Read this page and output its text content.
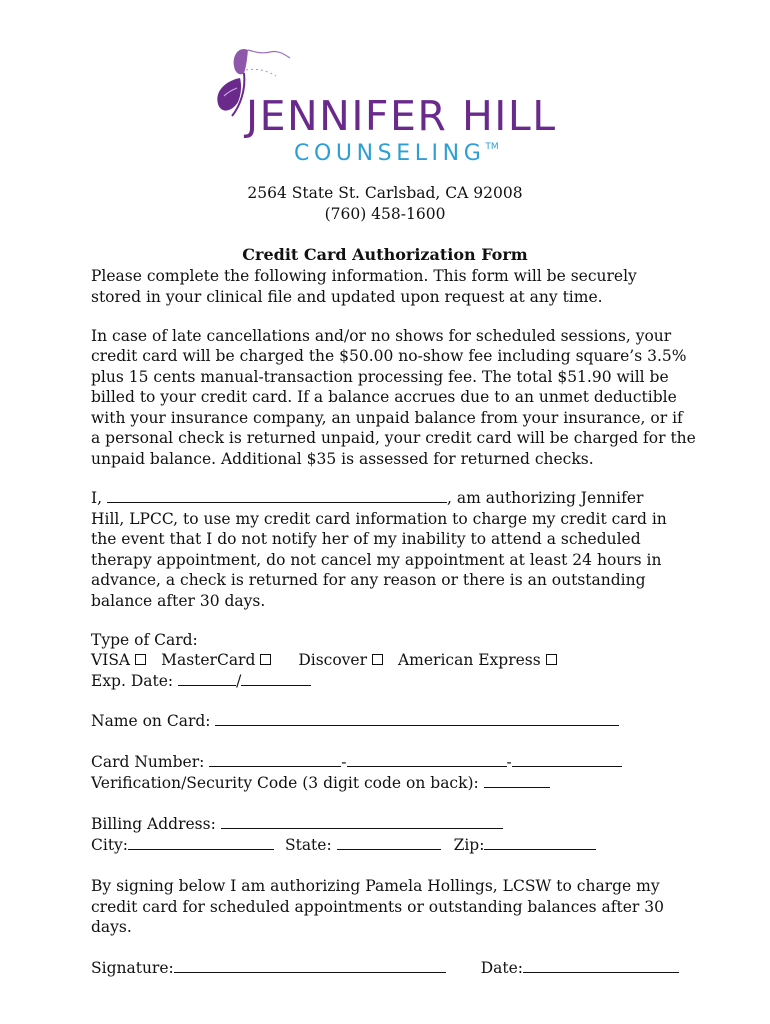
JENNIFER HILL
COUNSELING™
2564 State St. Carlsbad, CA 92008
(760) 458-1600
Credit Card Authorization Form
Please complete the following information. This form will be securely
stored in your clinical file and updated upon request at any time.
In case of late cancellations and/or no shows for scheduled sessions, your
credit card will be charged the $50.00 no-show fee including square’s 3.5%
plus 15 cents manual-transaction processing fee. The total $51.90 will be
billed to your credit card. If a balance accrues due to an unmet deductible
with your insurance company, an unpaid balance from your insurance, or if
a personal check is returned unpaid, your credit card will be charged for the
unpaid balance. Additional $35 is assessed for returned checks.
I,	, am authorizing Jennifer
Hill, LPCC, to use my credit card information to charge my credit card in
the event that I do not notify her of my inability to attend a scheduled
therapy appointment, do not cancel my appointment at least 24 hours in
advance, a check is returned for any reason or there is an outstanding
balance after 30 days.
Type of Card:
VISA MasterCard	Discover American Express
Exp. Date:	/
Name on Card:
Card Number:	-	-
Verification/Security Code (3 digit code on back):
Billing Address:
City:	State:	Zip:
By signing below I am authorizing Pamela Hollings, LCSW to charge my
credit card for scheduled appointments or outstanding balances after 30
days.
Signature:	Date:
